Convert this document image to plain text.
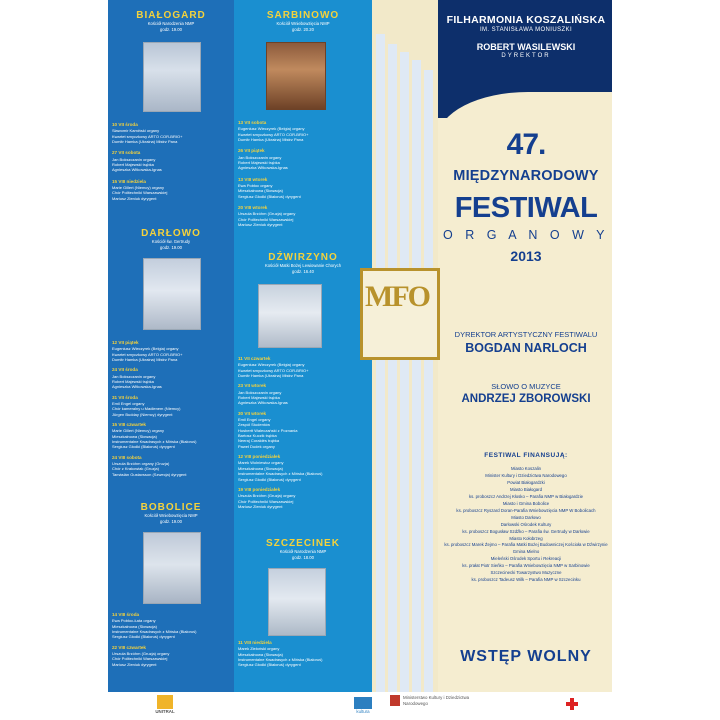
MFO
BIAŁOGARD
Kościół Narodzenia NMP
godz. 19.00
10 VII środa
Sławomir Kamiński organy
Kwartet smyczkowy ARTO COR-BRIO+
Dumitr Hamka (Ukraina) Mistrz Pana
27 VII sobota
Jan Bokszczanin organy
Robert Majewski trąbka
Agnieszka Witkowska-Ignas
15 VIII niedziela
Marie Gillert (Niemcy) organy
Chór Politechniki Warszawskiej
Mariusz Zieniuk dyrygent
DARŁOWO
Kościół św. Gertrudy
godz. 19.00
12 VII piątek
Eugeniusz Wieczyrek (Belgia) organy
Kwartet smyczkowy ARTO COR-BRIO+
Dumitr Hamka (Ukraina) Mistrz Pana
24 VII środa
Jan Bokszczanin organy
Robert Majewski trąbka
Agnieszka Witkowska-Ignas
31 VII środa
Emil Engel organy
Chór kameralny u Madlenem (Niemcy)
Jürgen Budday (Niemcy) dyrygent
15 VIII czwartek
Marie Gillert (Niemcy) organy
Mieszkalnowa (Słowacja)
Instrumentalne Kwadrasych z Mińska (Białoruś)
Sergiusz Głodki (Białoruś) dyrygent
24 VIII sobota
Urszula Brzóhm organy (Gruzja)
Chór z Krakowiak (Gruzja)
Tamáslán Gustavsson (Szwecja) dyrygent
BOBOLICE
Kościół Wniebowzięcia NMP
godz. 19.00
14 VIII środa
Ewa Pobłoc-Łata organy
Mieszkalnowa (Słowacja)
Instrumentalne Kwadrasych z Mińska (Białoruś)
Sergiusz Głodki (Białoruś) dyrygent
22 VIII czwartek
Urszula Brzóhm (Gruzja) organy
Chór Politechniki Warszawskiej
Mariusz Zieniuk dyrygent
SARBINOWO
Kościół Wniebowzięcia NMP
godz. 20.20
13 VII sobota
Eugeniusz Wieczyrek (Belgia) organy
Kwartet smyczkowy ARTO COR-BRIO+
Dumitr Hamka (Ukraina) Mistrz Pana
26 VII piątek
Jan Bokszczanin organy
Robert Majewski trąbka
Agnieszka Witkowska-Ignas
13 VIII wtorek
Ewa Pobłoc organy
Mieszkalnowa (Słowacja)
Sergiusz Głodki (Białoruś) dyrygent
20 VIII wtorek
Urszula Brzóhm (Gruzja) organy
Chór Politechniki Warszawskiej
Mariusz Zieniuk dyrygent
DŹWIRZYNO
Kościół Matki Bożej Lewiowanie Chorych
godz. 16.40
11 VII czwartek
Eugeniusz Wieczyrek (Belgia) organy
Kwartet smyczkowy ARTO COR-BRIO+
Dumitr Hamka (Ukraina) Mistrz Pana
23 VII wtorek
Jan Bokszczanin organy
Robert Majewski trąbka
Agnieszka Witkowska-Ignas
30 VII wtorek
Emil Engel organy
Zespół Studentów
Husbertt Waleczański z Poznania
Bartosz Kuczik trąbka
Neeraj Coraldés trąbka
Paweł Dudek organy
12 VIII poniedziałek
Marek Wolniewicz organy
Mieszkalnowa (Słowacja)
Instrumentalne Kwadrasych z Mińska (Białoruś)
Sergiusz Głodki (Białoruś) dyrygent
19 VIII poniedziałek
Urszula Brzóhm (Gruzja) organy
Chór Politechniki Warszawskiej
Mariusz Zieniuk dyrygent
SZCZECINEK
Kościół Narodzenia NMP
godz. 18.00
11 VIII niedziela
Marek Ziełoński organy
Mieszkalnowa (Słowacja)
Instrumentalne Kwadrasych z Mińska (Białoruś)
Sergiusz Głodki (Białoruś) dyrygent
FILHARMONIA KOSZALIŃSKA
IM. STANISŁAWA MONIUSZKI
ROBERT WASILEWSKI
DYREKTOR
47.
MIĘDZYNARODOWY
FESTIWAL
O R G A N O W Y
2013
DYREKTOR ARTYSTYCZNY FESTIWALU
BOGDAN NARLOCH
SŁOWO O MUZYCE
ANDRZEJ ZBOROWSKI
FESTIWAL FINANSUJĄ:
Miasto Koszalin
Minister Kultury i Dziedzictwa Narodowego
Powiat Białogardzki
Miasto Białogard
ks. proboszcz Andrzej Kłosko – Parafia NMP w Białogardzie
Miasto i Gmina Bobolice
ks. proboszcz Ryszard Doran-Parafia Wniebowzięcia NMP W Bobolicach
Miasto Darłowo
Darłowski Ośrodek Kultury
ks. proboszcz Bogusław Szdźko – Parafia św. Gertrudy w Darłowie
Miasto Kołobrzeg
ks. proboszcz Marek Żejmo – Parafia Matki Bożej Budowniczej Kościoła w Dźwirzynie
Gmina Mielno
Mieleński Ośrodek Sportu i Rekreacji
ks. prałat Piotr Sieńko – Parafia Wniebowzięcia NMP w Sarbinowie
Szczecinecki Towarzystwo Muzyczne
ks. proboszcz Tadeusz Wilk – Parafia NMP w Szczecinku
WSTĘP WOLNY
UNITRAL	kultura
Ministerstwo Kultury i Dziedzictwa Narodowego
